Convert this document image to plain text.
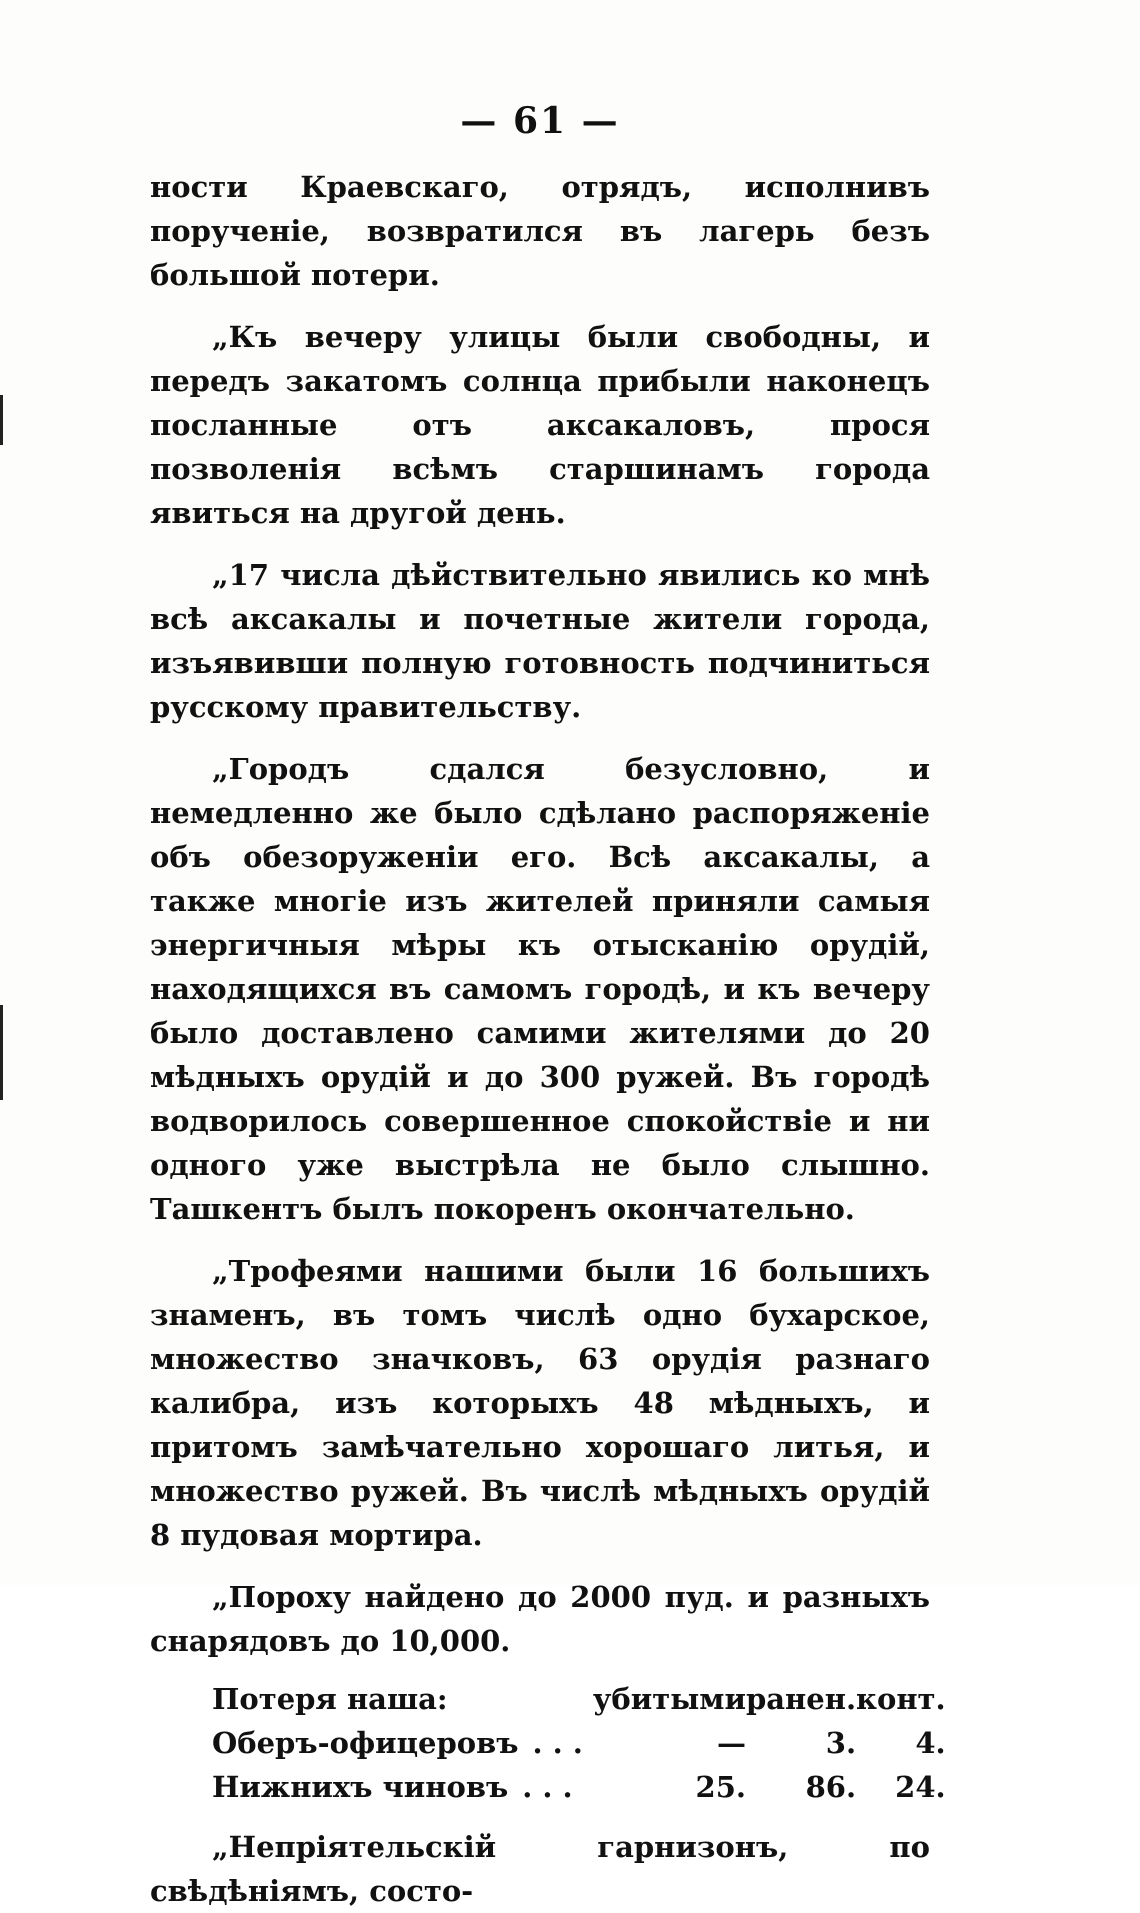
— 61 —

ности Краевскаго, отрядъ, исполнивъ порученіе, возвратился въ лагерь безъ большой потери.

„Къ вечеру улицы были свободны, и передъ закатомъ солнца прибыли наконецъ посланные отъ аксакаловъ, прося позволенія всѣмъ старшинамъ города явиться на другой день.

„17 числа дѣйствительно явились ко мнѣ всѣ аксакалы и почетные жители города, изъявивши полную готовность подчиниться русскому правительству.

„Городъ сдался безусловно, и немедленно же было сдѣлано распоряженіе объ обезоруженіи его. Всѣ аксакалы, а также многіе изъ жителей приняли самыя энергичныя мѣры къ отысканію орудій, находящихся въ самомъ городѣ, и къ вечеру было доставлено самими жителями до 20 мѣдныхъ орудій и до 300 ружей. Въ городѣ водворилось совершенное спокойствіе и ни одного уже выстрѣла не было слышно. Ташкентъ былъ покоренъ окончательно.

„Трофеями нашими были 16 большихъ знаменъ, въ томъ числѣ одно бухарское, множество значковъ, 63 орудія разнаго калибра, изъ которыхъ 48 мѣдныхъ, и притомъ замѣчательно хорошаго литья, и множество ружей. Въ числѣ мѣдныхъ орудій 8 пудовая мортира.

„Пороху найдено до 2000 пуд. и разныхъ снарядовъ до 10,000.

Потеря наша:	убитыми	ранен.	конт.
Оберъ-офицеровъ ...	—	3.	4.
Нижнихъ чиновъ ...	25.	86.	24.

„Непріятельскій гарнизонъ, по свѣдѣніямъ, состо-
